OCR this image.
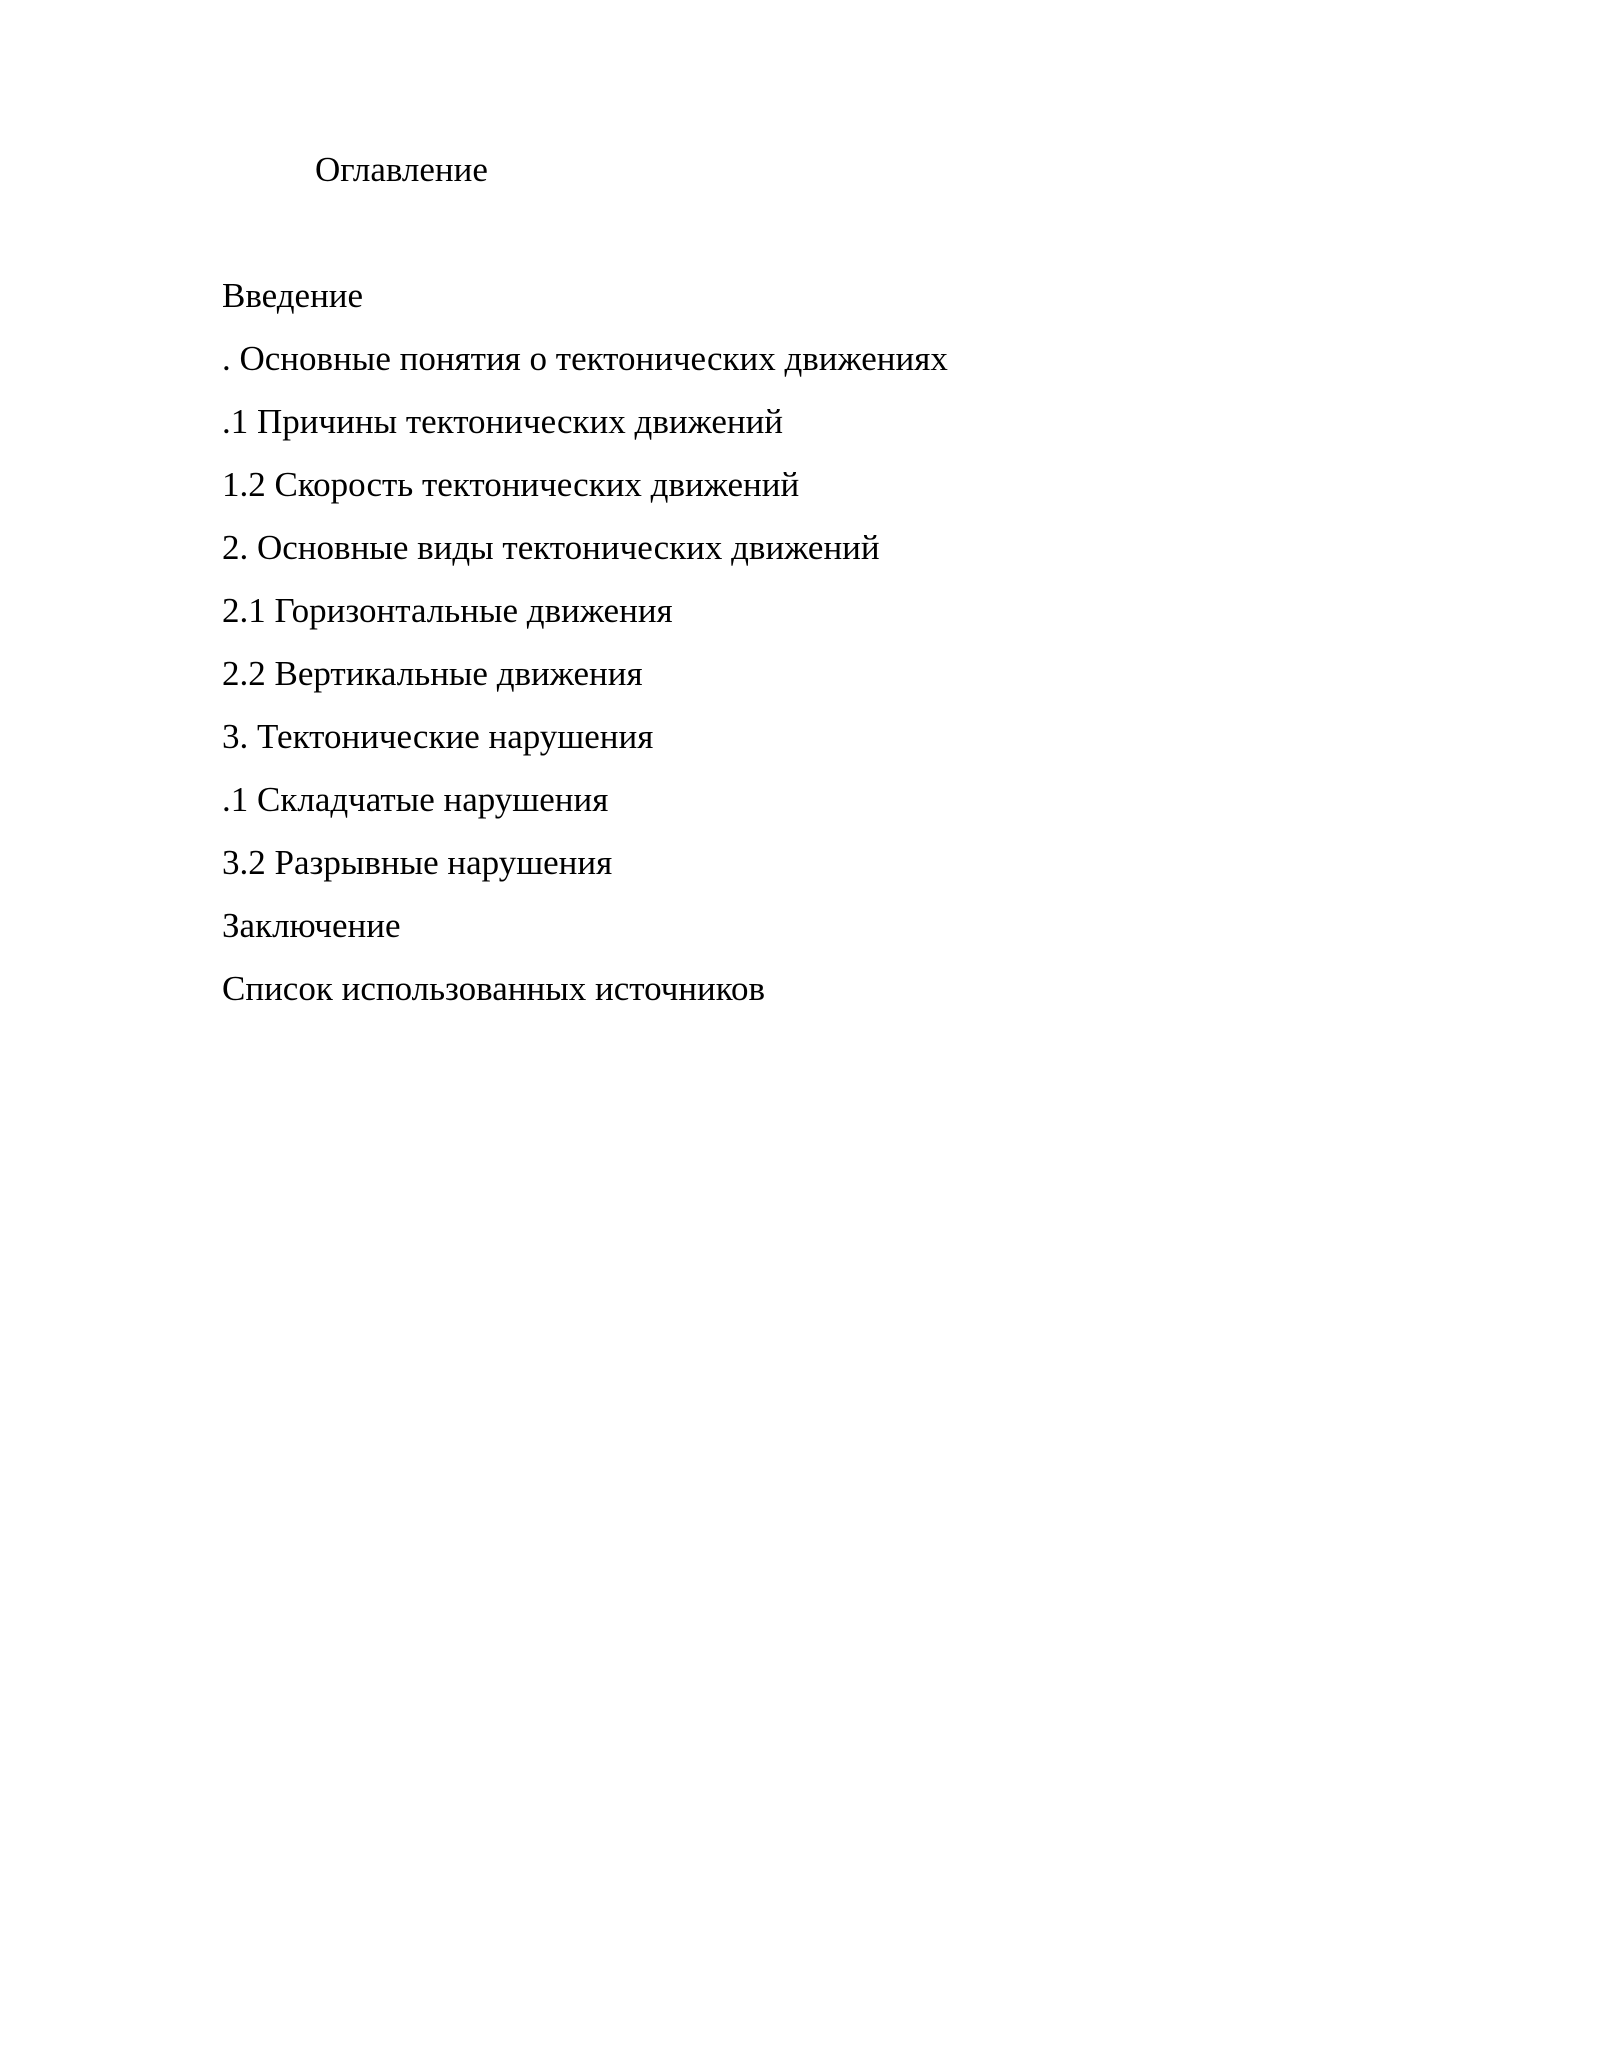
Оглавление
Введение
. Основные понятия о тектонических движениях
.1 Причины тектонических движений
1.2 Скорость тектонических движений
2. Основные виды тектонических движений
2.1 Горизонтальные движения
2.2 Вертикальные движения
3. Тектонические нарушения
.1 Складчатые нарушения
3.2 Разрывные нарушения
Заключение
Список использованных источников
